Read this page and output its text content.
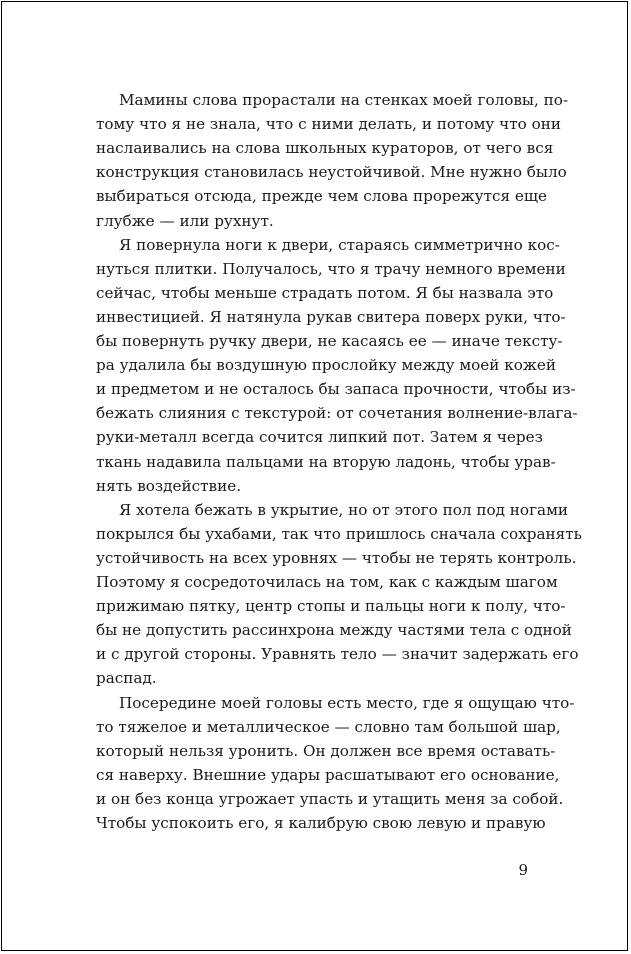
Мамины слова прорастали на стенках моей головы, по-
тому что я не знала, что с ними делать, и потому что они
наслаивались на слова школьных кураторов, от чего вся
конструкция становилась неустойчивой. Мне нужно было
выбираться отсюда, прежде чем слова прорежутся еще
глубже — или рухнут.
Я повернула ноги к двери, стараясь симметрично кос-
нуться плитки. Получалось, что я трачу немного времени
сейчас, чтобы меньше страдать потом. Я бы назвала это
инвестицией. Я натянула рукав свитера поверх руки, что-
бы повернуть ручку двери, не касаясь ее — иначе тексту-
ра удалила бы воздушную прослойку между моей кожей
и предметом и не осталось бы запаса прочности, чтобы из-
бежать слияния с текстурой: от сочетания волнение-влага-
руки-металл всегда сочится липкий пот. Затем я через
ткань надавила пальцами на вторую ладонь, чтобы урав-
нять воздействие.
Я хотела бежать в укрытие, но от этого пол под ногами
покрылся бы ухабами, так что пришлось сначала сохранять
устойчивость на всех уровнях — чтобы не терять контроль.
Поэтому я сосредоточилась на том, как с каждым шагом
прижимаю пятку, центр стопы и пальцы ноги к полу, что-
бы не допустить рассинхрона между частями тела с одной
и с другой стороны. Уравнять тело — значит задержать его
распад.
Посередине моей головы есть место, где я ощущаю что-
то тяжелое и металлическое — словно там большой шар,
который нельзя уронить. Он должен все время оставать-
ся наверху. Внешние удары расшатывают его основание,
и он без конца угрожает упасть и утащить меня за собой.
Чтобы успокоить его, я калибрую свою левую и правую
9
